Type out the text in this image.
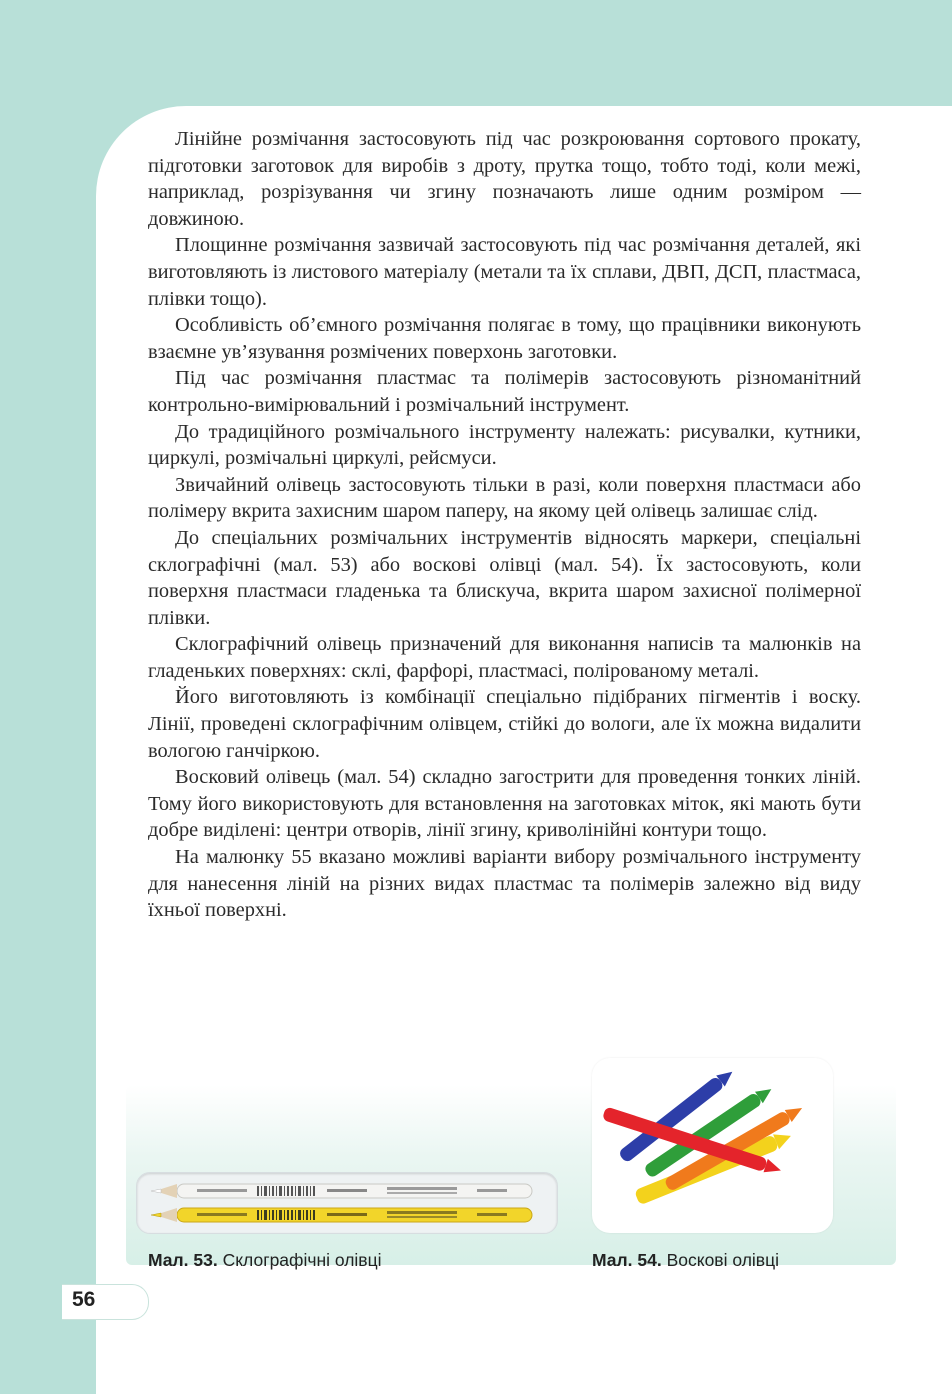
Лінійне розмічання застосовують під час розкроювання сортового прокату, підготовки заготовок для виробів з дроту, прутка тощо, тобто тоді, коли межі, наприклад, розрізування чи згину позначають лише одним розміром — довжиною.

Площинне розмічання зазвичай застосовують під час розмічання деталей, які виготовляють із листового матеріалу (метали та їх сплави, ДВП, ДСП, пластмаса, плівки тощо).

Особливість об’ємного розмічання полягає в тому, що працівники виконують взаємне ув’язування розмічених поверхонь заготовки.

Під час розмічання пластмас та полімерів застосовують різноманітний контрольно-вимірювальний і розмічальний інструмент.

До традиційного розмічального інструменту належать: рисувалки, кутники, циркулі, розмічальні циркулі, рейсмуси.

Звичайний олівець застосовують тільки в разі, коли поверхня пластмаси або полімеру вкрита захисним шаром паперу, на якому цей олівець залишає слід.

До спеціальних розмічальних інструментів відносять маркери, спеціальні склографічні (мал. 53) або воскові олівці (мал. 54). Їх застосовують, коли поверхня пластмаси гладенька та блискуча, вкрита шаром захисної полімерної плівки.

Склографічний олівець призначений для виконання написів та малюнків на гладеньких поверхнях: склі, фарфорі, пластмасі, полірованому металі.

Його виготовляють із комбінації спеціально підібраних пігментів і воску. Лінії, проведені склографічним олівцем, стійкі до вологи, але їх можна видалити вологою ганчіркою.

Восковий олівець (мал. 54) складно загострити для проведення тонких ліній. Тому його використовують для встановлення на заготовках міток, які мають бути добре виділені: центри отворів, лінії згину, криволінійні контури тощо.

На малюнку 55 вказано можливі варіанти вибору розмічального інструменту для нанесення ліній на різних видах пластмас та полімерів залежно від виду їхньої поверхні.

Мал. 53. Склографічні олівці	Мал. 54. Воскові олівці
56
